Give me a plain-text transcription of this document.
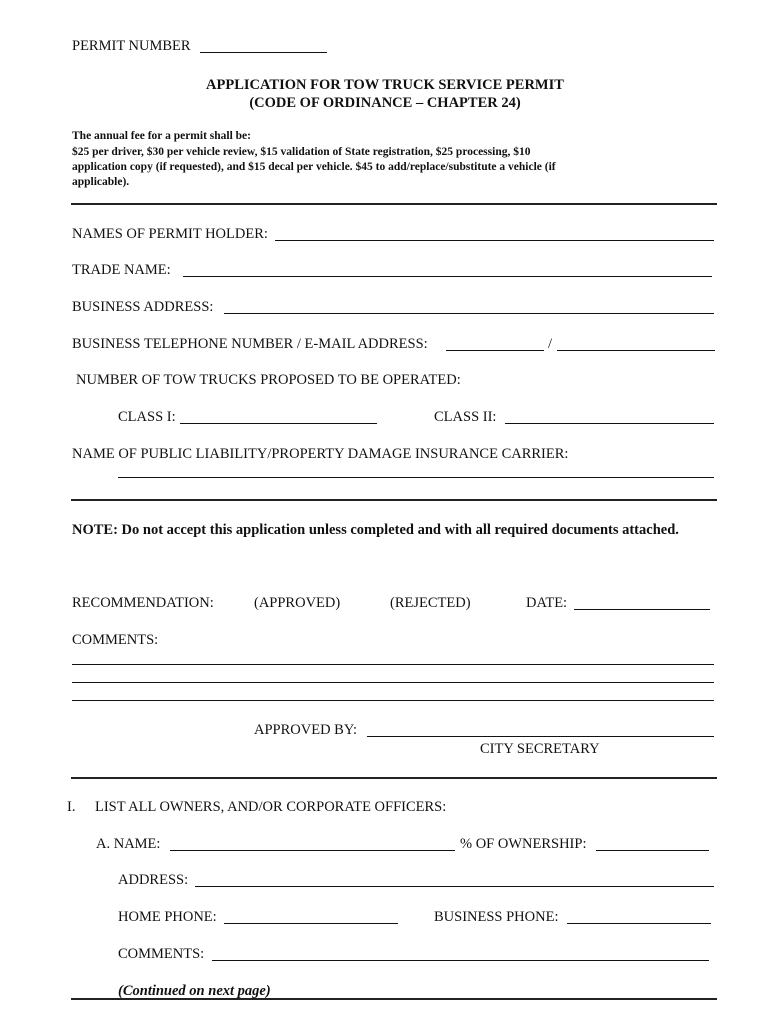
PERMIT NUMBER
APPLICATION FOR TOW TRUCK SERVICE PERMIT
(CODE OF ORDINANCE – CHAPTER 24)
The annual fee for a permit shall be:
$25 per driver, $30 per vehicle review, $15 validation of State registration, $25 processing, $10
application copy (if requested), and $15 decal per vehicle. $45 to add/replace/substitute a vehicle (if
applicable).
NAMES OF PERMIT HOLDER:
TRADE NAME:
BUSINESS ADDRESS:
BUSINESS TELEPHONE NUMBER / E-MAIL ADDRESS:	/
NUMBER OF TOW TRUCKS PROPOSED TO BE OPERATED:
CLASS I:	CLASS II:
NAME OF PUBLIC LIABILITY/PROPERTY DAMAGE INSURANCE CARRIER:
NOTE: Do not accept this application unless completed and with all required documents attached.
RECOMMENDATION:	(APPROVED)	(REJECTED)	DATE:
COMMENTS:
APPROVED BY:
CITY SECRETARY
I. LIST ALL OWNERS, AND/OR CORPORATE OFFICERS:
A. NAME:	% OF OWNERSHIP:
ADDRESS:
HOME PHONE:	BUSINESS PHONE:
COMMENTS:
(Continued on next page)
